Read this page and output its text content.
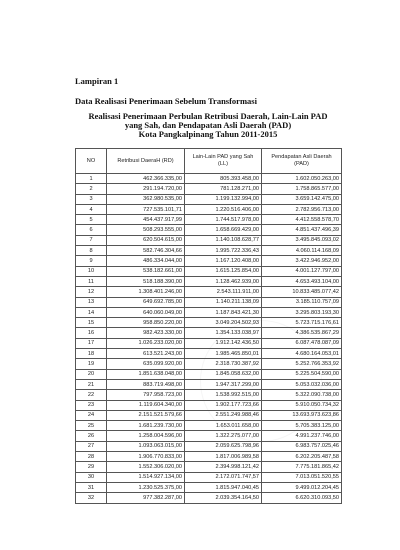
Lampiran 1
Data Realisasi Penerimaan Sebelum Transformasi
Realisasi Penerimaan Perbulan Retribusi Daerah, Lain-Lain PAD
yang Sah, dan Pendapatan Asli Daerah (PAD)
Kota Pangkalpinang Tahun 2011-2015
NO	Retribusi DaeraH (RD)	Lain-Lain PAD yang Sah (LL)	Pendapatan Asli Daerah (PAD)
1	462.366.335,00	805.393.458,00	1.602.050.263,00
2	291.194.720,00	781.128.271,00	1.758.865.577,00
3	362.980.535,00	1.199.132.994,00	3.659.142.475,00
4	727.535.101,71	1.220.516.406,00	2.782.956.713,00
5	454.437.917,99	1.744.517.978,00	4.412.558.578,70
6	508.293.555,00	1.658.669.429,00	4.851.437.496,39
7	620.504.615,00	1.140.108.628,77	3.495.845.093,02
8	582.746.304,66	1.995.722.336,43	4.060.114.168,09
9	486.334.044,00	1.167.120.408,00	3.422.946.952,00
10	538.182.661,00	1.615.125.854,00	4.001.127.797,00
11	518.188.390,00	1.128.462.939,00	4.653.493.104,00
12	1.308.401.246,00	2.543.111.911,00	10.833.485.077,42
13	649.692.785,00	1.140.211.138,09	3.185.110.757,09
14	640.060.049,00	1.187.843.421,30	3.295.803.193,30
15	958.850.220,00	3.049.204.502,93	5.723.715.176,61
16	982.423.330,00	1.354.133.038,97	4.386.535.867,29
17	1.026.233.020,00	1.912.142.436,50	6.087.478.087,09
18	613.521.243,00	1.985.465.850,01	4.680.164.053,01
19	635.099.920,00	2.318.730.387,92	5.252.766.353,92
20	1.851.638.048,00	1.845.058.632,00	5.225.504.590,00
21	883.719.498,00	1.947.317.299,00	5.053.032.036,00
22	797.958.723,00	1.538.992.515,00	5.322.090.738,00
23	1.119.604.340,00	1.902.177.723,66	5.910.050.734,32
24	2.151.521.579,66	2.551.249.988,46	13.693.973.623,86
25	1.681.239.730,00	1.653.011.658,00	5.705.383.125,00
26	1.258.004.596,00	1.322.275.077,00	4.991.237.746,00
27	1.093.063.015,00	2.059.625.798,96	6.983.757.025,46
28	1.906.770.833,00	1.817.006.989,58	6.202.205.487,58
29	1.552.306.020,00	2.394.998.121,42	7.775.181.865,42
30	1.514.927.134,00	2.172.071.747,57	7.013.051.520,55
31	1.230.525.375,00	1.815.947.040,45	9.499.012.204,45
32	977.382.287,00	2.039.354.164,50	6.620.310.093,50
